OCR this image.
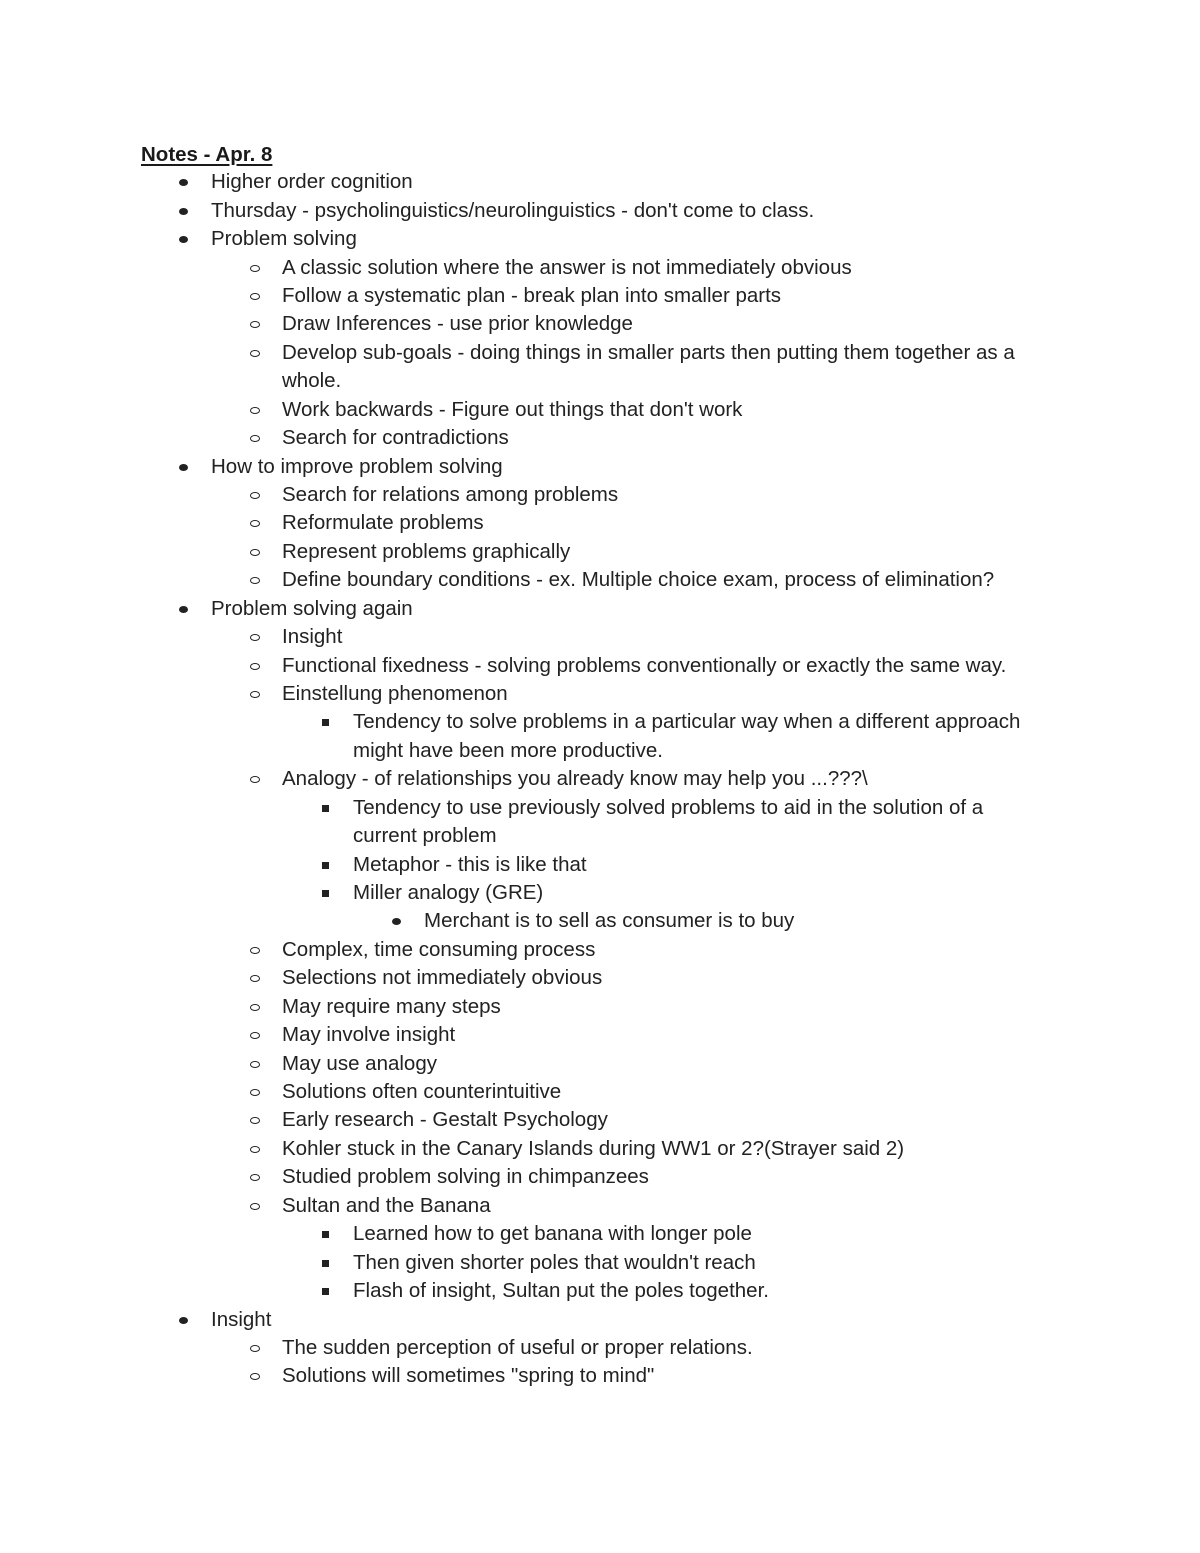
Notes - Apr. 8
Higher order cognition
Thursday - psycholinguistics/neurolinguistics - don't come to class.
Problem solving
A classic solution where the answer is not immediately obvious
Follow a systematic plan - break plan into smaller parts
Draw Inferences - use prior knowledge
Develop sub-goals - doing things in smaller parts then putting them together as a
whole.
Work backwards - Figure out things that don't work
Search for contradictions
How to improve problem solving
Search for relations among problems
Reformulate problems
Represent problems graphically
Define boundary conditions - ex. Multiple choice exam, process of elimination?
Problem solving again
Insight
Functional fixedness - solving problems conventionally or exactly the same way.
Einstellung phenomenon
Tendency to solve problems in a particular way when a different approach
might have been more productive.
Analogy - of relationships you already know may help you ...???\
Tendency to use previously solved problems to aid in the solution of a
current problem
Metaphor - this is like that
Miller analogy (GRE)
Merchant is to sell as consumer is to buy
Complex, time consuming process
Selections not immediately obvious
May require many steps
May involve insight
May use analogy
Solutions often counterintuitive
Early research - Gestalt Psychology
Kohler stuck in the Canary Islands during WW1 or 2?(Strayer said 2)
Studied problem solving in chimpanzees
Sultan and the Banana
Learned how to get banana with longer pole
Then given shorter poles that wouldn't reach
Flash of insight, Sultan put the poles together.
Insight
The sudden perception of useful or proper relations.
Solutions will sometimes "spring to mind"
